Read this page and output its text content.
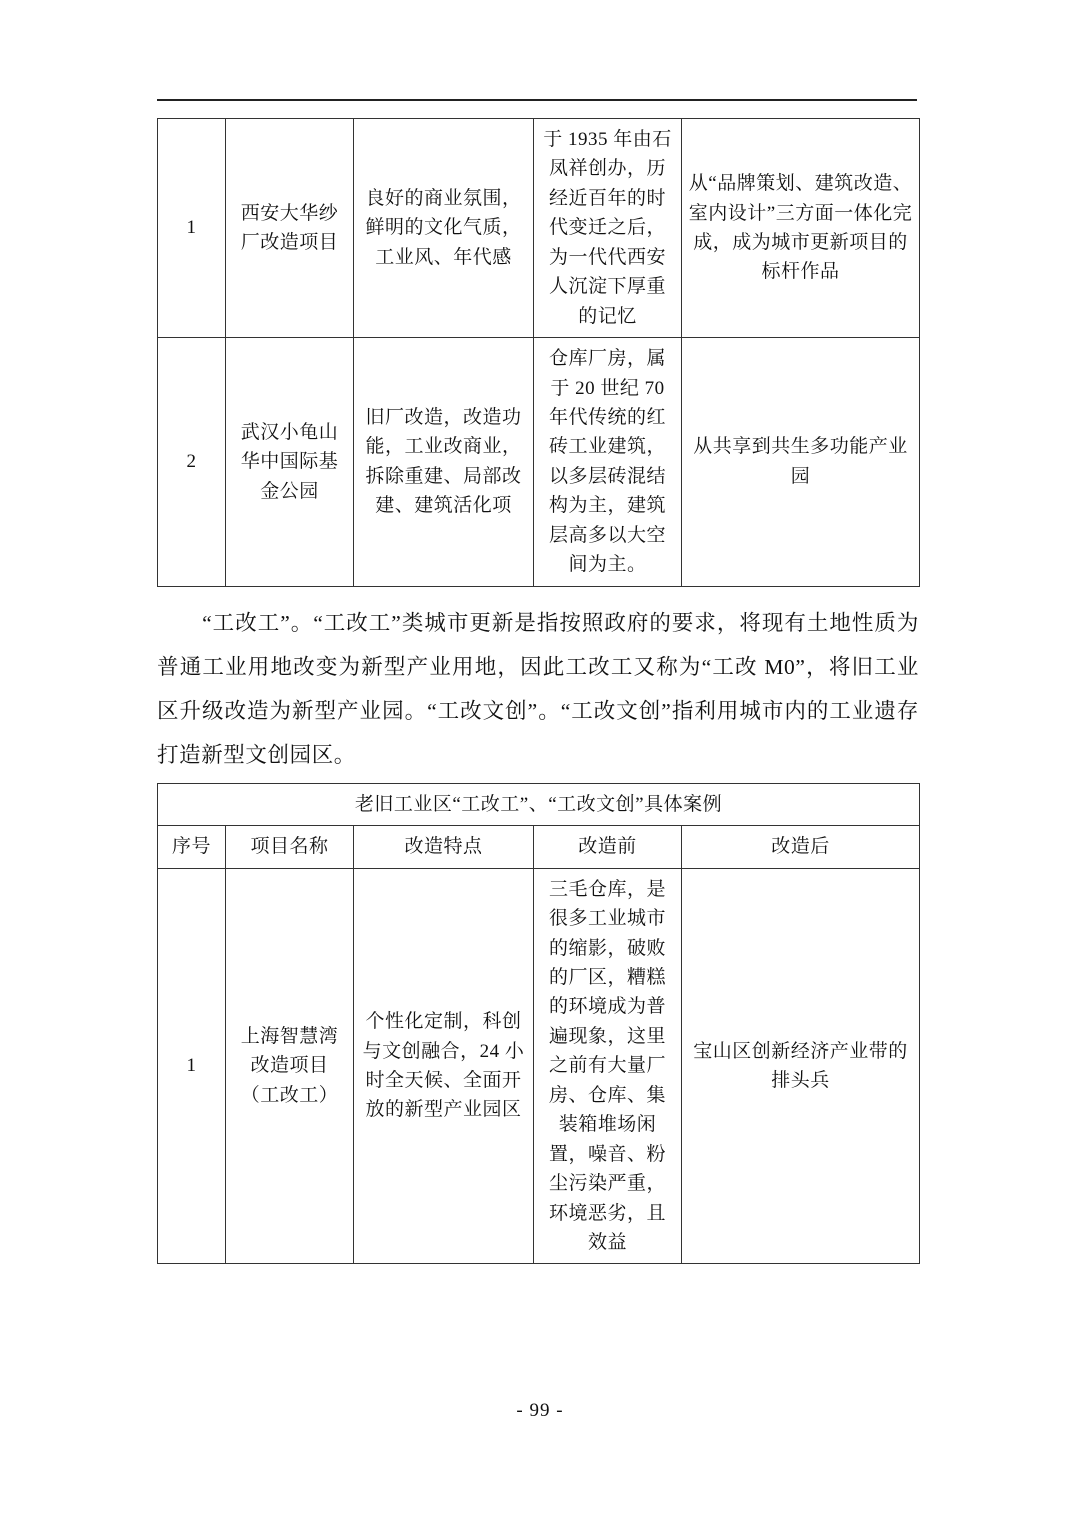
1	西安大华纱厂改造项目	良好的商业氛围，鲜明的文化气质，工业风、年代感	于 1935 年由石凤祥创办，历经近百年的时代变迁之后，为一代代西安人沉淀下厚重的记忆	从“品牌策划、建筑改造、室内设计”三方面一体化完成，成为城市更新项目的标杆作品
2	武汉小龟山华中国际基金公园	旧厂改造，改造功能，工业改商业，拆除重建、局部改建、建筑活化项	仓库厂房，属于 20 世纪 70 年代传统的红砖工业建筑，以多层砖混结构为主，建筑层高多以大空间为主。	从共享到共生多功能产业园

“工改工”。“工改工”类城市更新是指按照政府的要求，将现有土地性质为普通工业用地改变为新型产业用地，因此工改工又称为“工改 M0”，将旧工业区升级改造为新型产业园。“工改文创”。“工改文创”指利用城市内的工业遗存打造新型文创园区。

老旧工业区“工改工”、“工改文创”具体案例				
序号	项目名称	改造特点	改造前	改造后
1	上海智慧湾改造项目（工改工）	个性化定制，科创与文创融合，24 小时全天候、全面开放的新型产业园区	三毛仓库，是很多工业城市的缩影，破败的厂区，糟糕的环境成为普遍现象，这里之前有大量厂房、仓库、集装箱堆场闲置，噪音、粉尘污染严重，环境恶劣，且效益	宝山区创新经济产业带的排头兵
- 99 -
